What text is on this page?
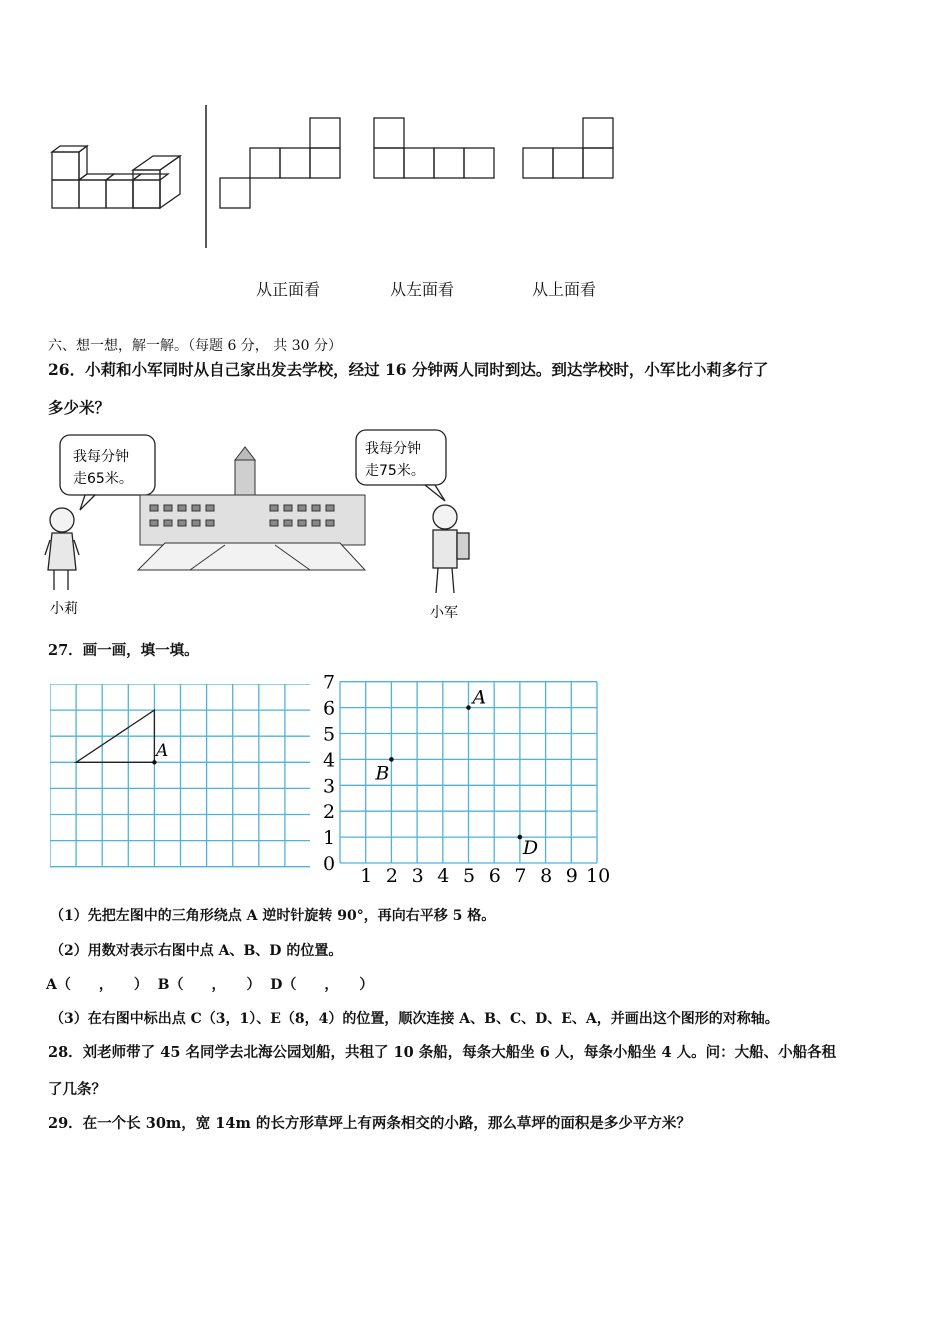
从正面看	从左面看	从上面看
六、想一想，解一解。（每题 6 分， 共 30 分）
26．小莉和小军同时从自己家出发去学校，经过 16 分钟两人同时到达。到达学校时，小军比小莉多行了
多少米？
我每分钟
走65米。
我每分钟
走75米。
小莉	小军
27．画一画，填一填。
A
0
1
2
3
4
5
6
7
1 2 3 4 5 6 7 8 9 10
A
B
D
（1）先把左图中的三角形绕点 A 逆时针旋转 90°，再向右平移 5 格。
（2）用数对表示右图中点 A、B、D 的位置。
A（　　，　　）  B（　　，　　）  D（　　，　　）
（3）在右图中标出点 C（3，1）、E（8，4）的位置，顺次连接 A、B、C、D、E、A，并画出这个图形的对称轴。
28．刘老师带了 45 名同学去北海公园划船，共租了 10 条船，每条大船坐 6 人，每条小船坐 4 人。问：大船、小船各租
了几条？
29．在一个长 30m，宽 14m 的长方形草坪上有两条相交的小路，那么草坪的面积是多少平方米？
